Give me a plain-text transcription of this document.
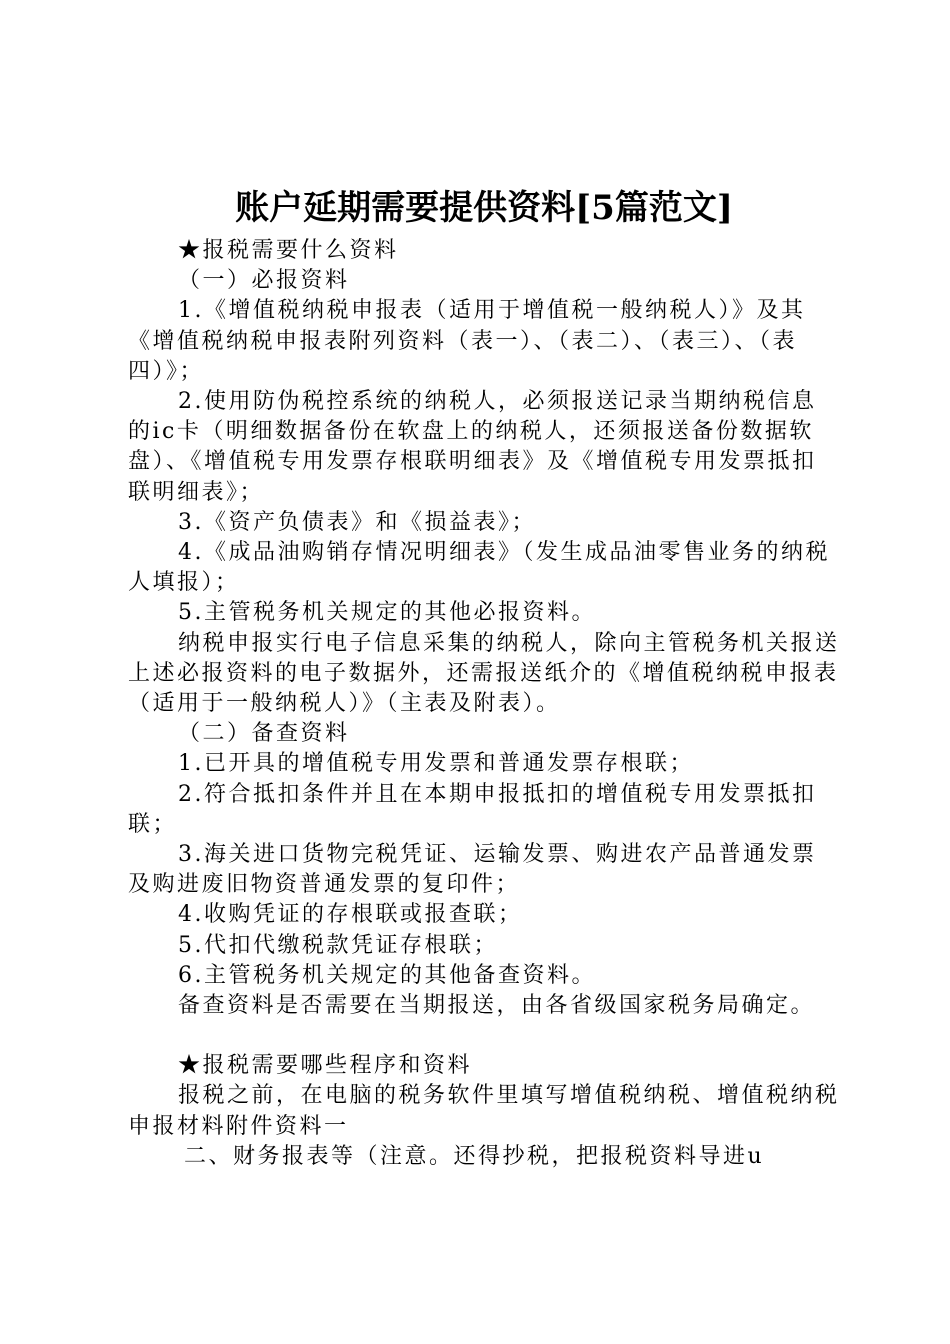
账户延期需要提供资料[5篇范文]

★报税需要什么资料

（一）必报资料

1.《增值税纳税申报表（适用于增值税一般纳税人）》及其《增值税纳税申报表附列资料（表一）、（表二）、（表三）、（表四）》；

2.使用防伪税控系统的纳税人，必须报送记录当期纳税信息的ic卡（明细数据备份在软盘上的纳税人，还须报送备份数据软盘）、《增值税专用发票存根联明细表》及《增值税专用发票抵扣联明细表》；

3.《资产负债表》和《损益表》；

4.《成品油购销存情况明细表》（发生成品油零售业务的纳税人填报）；

5.主管税务机关规定的其他必报资料。

纳税申报实行电子信息采集的纳税人，除向主管税务机关报送上述必报资料的电子数据外，还需报送纸介的《增值税纳税申报表（适用于一般纳税人）》（主表及附表）。

（二）备查资料

1.已开具的增值税专用发票和普通发票存根联；

2.符合抵扣条件并且在本期申报抵扣的增值税专用发票抵扣联；

3.海关进口货物完税凭证、运输发票、购进农产品普通发票及购进废旧物资普通发票的复印件；

4.收购凭证的存根联或报查联；

5.代扣代缴税款凭证存根联；

6.主管税务机关规定的其他备查资料。

备查资料是否需要在当期报送，由各省级国家税务局确定。

★报税需要哪些程序和资料

报税之前，在电脑的税务软件里填写增值税纳税、增值税纳税申报材料附件资料一

二、财务报表等（注意。还得抄税，把报税资料导进u
